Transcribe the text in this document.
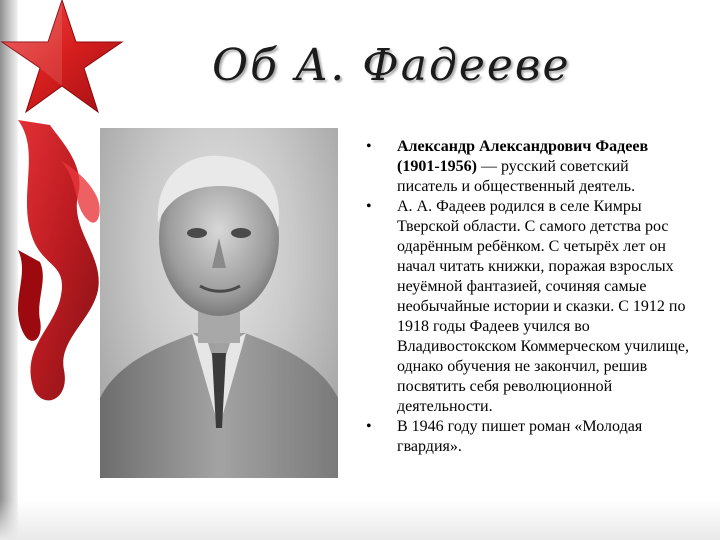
Об А. Фадееве
• Александр Александрович Фадеев (1901-1956) — русский советский писатель и общественный деятель.
• А. А. Фадеев родился в селе Кимры Тверской области. С самого детства рос одарённым ребёнком. С четырёх лет он начал читать книжки, поражая взрослых неуёмной фантазией, сочиняя самые необычайные истории и сказки. С 1912 по 1918 годы Фадеев учился во Владивостокском Коммерческом училище, однако обучения не закончил, решив посвятить себя революционной деятельности.
• В 1946 году пишет роман «Молодая гвардия».
